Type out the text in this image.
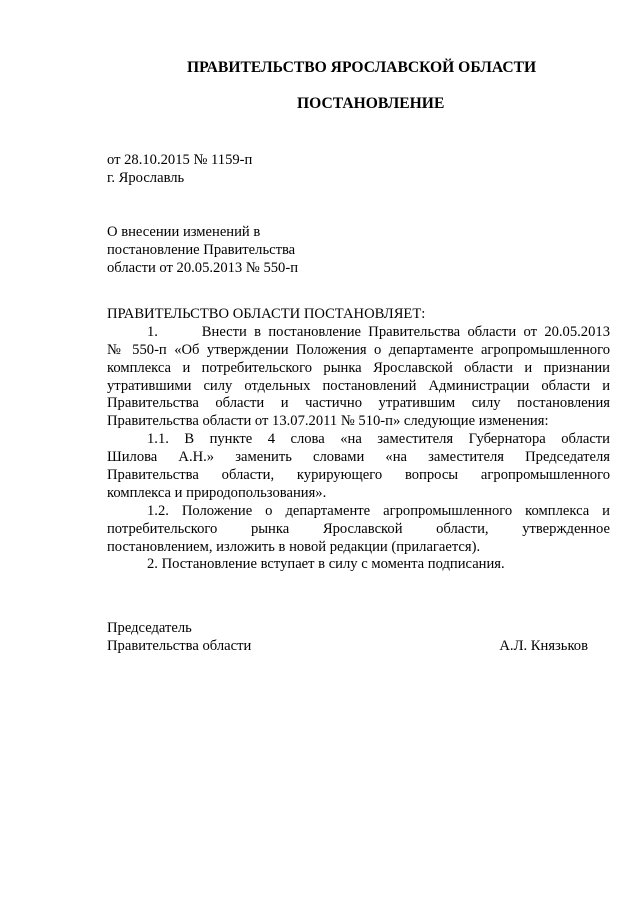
ПРАВИТЕЛЬСТВО ЯРОСЛАВСКОЙ ОБЛАСТИ
ПОСТАНОВЛЕНИЕ
от 28.10.2015 № 1159-п
г. Ярославль
О внесении изменений в
постановление Правительства
области от 20.05.2013 № 550-п
ПРАВИТЕЛЬСТВО ОБЛАСТИ ПОСТАНОВЛЯЕТ:
1.      Внести в постановление Правительства области от 20.05.2013
№ 550-п «Об утверждении Положения о департаменте агропромышленного
комплекса и потребительского рынка Ярославской области и признании
утратившими силу отдельных постановлений Администрации области и
Правительства области и частично утратившим силу постановления
Правительства области от 13.07.2011 № 510-п» следующие изменения:
1.1. В пункте 4 слова «на заместителя Губернатора области
Шилова А.Н.» заменить словами «на заместителя Председателя
Правительства области, курирующего вопросы агропромышленного
комплекса и природопользования».
1.2. Положение о департаменте агропромышленного комплекса и
потребительского рынка Ярославской области, утвержденное
постановлением, изложить в новой редакции (прилагается).
2. Постановление вступает в силу с момента подписания.
Председатель
Правительства области	А.Л. Князьков
